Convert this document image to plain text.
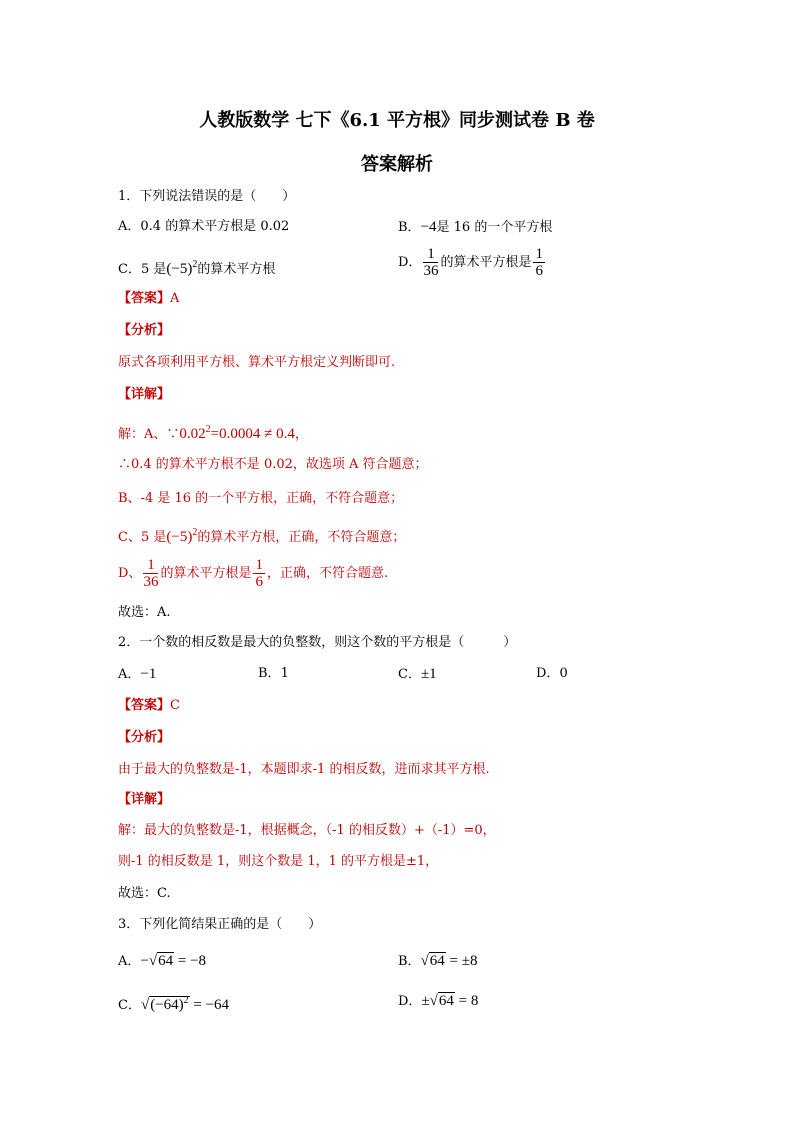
人教版数学 七下《6.1 平方根》同步测试卷 B 卷
答案解析
1．下列说法错误的是（　　）
A．0.4 的算术平方根是 0.02	B．−4是 16 的一个平方根
C．5 是$(-5)^2$的算术平方根	D． $\frac{1}{36}$ 的算术平方根是 $\frac{1}{6}$
【答案】A
【分析】
原式各项利用平方根、算术平方根定义判断即可.
【详解】
解：A、$\because 0.02^2=0.0004 \ne 0.4$，
∴0.4 的算术平方根不是 0.02，故选项 A 符合题意；
B、-4 是 16 的一个平方根，正确，不符合题意；
C、5 是$(-5)^2$的算术平方根，正确，不符合题意；
D、 $\frac{1}{36}$ 的算术平方根是 $\frac{1}{6}$ ，正确，不符合题意.
故选：A.
2．一个数的相反数是最大的负整数，则这个数的平方根是（　　　）
A．−1	B．1	C．±1	D．0
【答案】C
【分析】
由于最大的负整数是-1，本题即求-1 的相反数，进而求其平方根.
【详解】
解：最大的负整数是-1，根据概念，（-1 的相反数）+（-1）=0，
则-1 的相反数是 1，则这个数是 1，1 的平方根是±1，
故选：C.
3．下列化简结果正确的是（　　）
A．−√64 = −8	B．√64 = ±8
C．$√(-64)^2 = -64$	D．±√64 = 8
